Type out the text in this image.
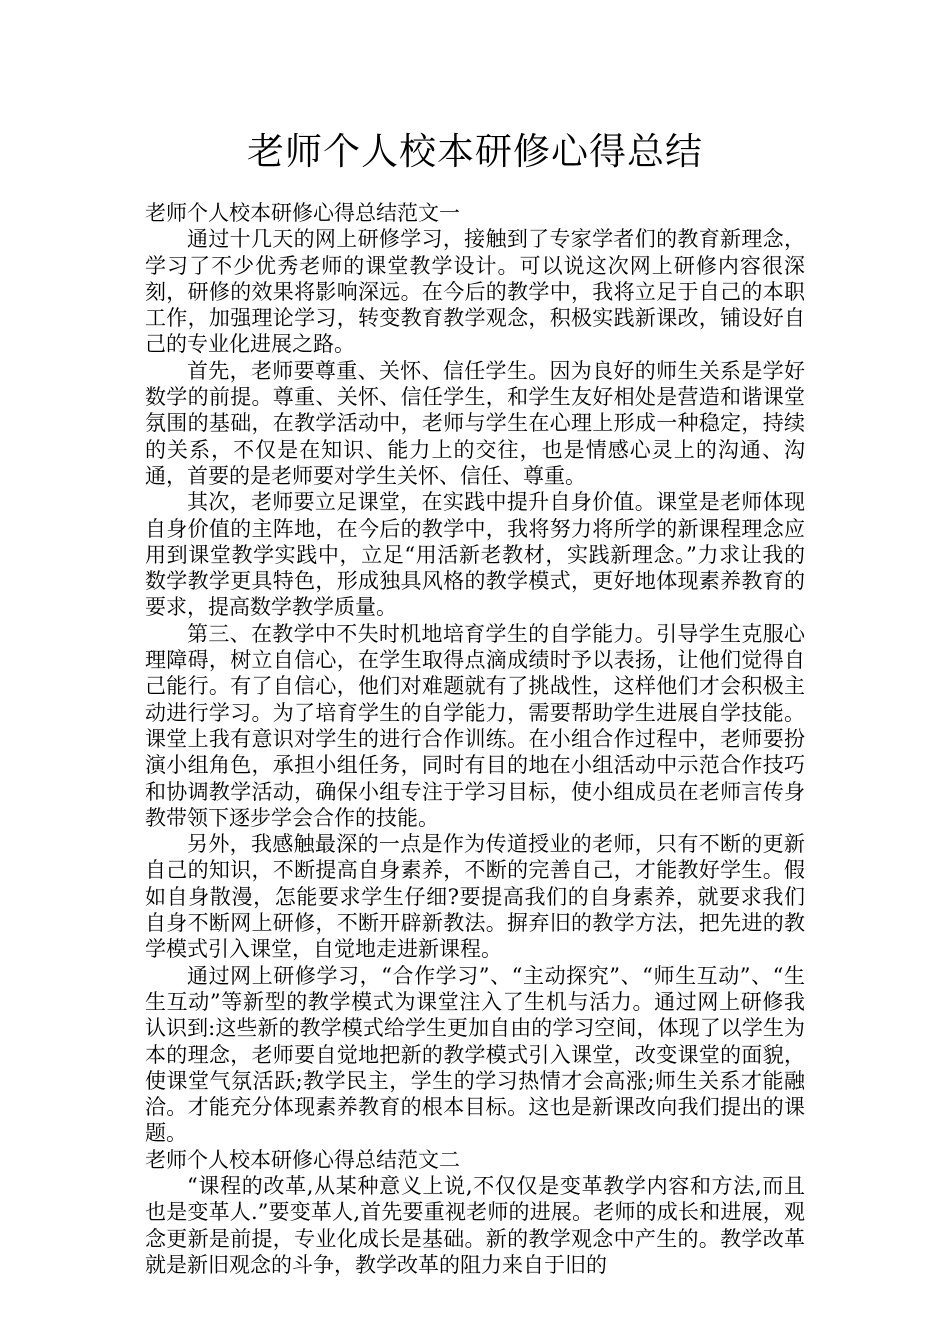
老师个人校本研修心得总结

老师个人校本研修心得总结范文一

通过十几天的网上研修学习，接触到了专家学者们的教育新理念，学习了不少优秀老师的课堂教学设计。可以说这次网上研修内容很深刻，研修的效果将影响深远。在今后的教学中，我将立足于自己的本职工作，加强理论学习，转变教育教学观念，积极实践新课改，铺设好自己的专业化进展之路。

首先，老师要尊重、关怀、信任学生。因为良好的师生关系是学好数学的前提。尊重、关怀、信任学生，和学生友好相处是营造和谐课堂氛围的基础，在教学活动中，老师与学生在心理上形成一种稳定，持续的关系，不仅是在知识、能力上的交往，也是情感心灵上的沟通、沟通，首要的是老师要对学生关怀、信任、尊重。

其次，老师要立足课堂，在实践中提升自身价值。课堂是老师体现自身价值的主阵地，在今后的教学中，我将努力将所学的新课程理念应用到课堂教学实践中，立足“用活新老教材，实践新理念。”力求让我的数学教学更具特色，形成独具风格的教学模式，更好地体现素养教育的要求，提高数学教学质量。

第三、在教学中不失时机地培育学生的自学能力。引导学生克服心理障碍，树立自信心，在学生取得点滴成绩时予以表扬，让他们觉得自己能行。有了自信心，他们对难题就有了挑战性，这样他们才会积极主动进行学习。为了培育学生的自学能力，需要帮助学生进展自学技能。课堂上我有意识对学生的进行合作训练。在小组合作过程中，老师要扮演小组角色，承担小组任务，同时有目的地在小组活动中示范合作技巧和协调教学活动，确保小组专注于学习目标，使小组成员在老师言传身教带领下逐步学会合作的技能。

另外，我感触最深的一点是作为传道授业的老师，只有不断的更新自己的知识，不断提高自身素养，不断的完善自己，才能教好学生。假如自身散漫，怎能要求学生仔细?要提高我们的自身素养，就要求我们自身不断网上研修，不断开辟新教法。摒弃旧的教学方法，把先进的教学模式引入课堂，自觉地走进新课程。

通过网上研修学习，“合作学习”、“主动探究”、“师生互动”、“生生互动”等新型的教学模式为课堂注入了生机与活力。通过网上研修我认识到:这些新的教学模式给学生更加自由的学习空间，体现了以学生为本的理念，老师要自觉地把新的教学模式引入课堂，改变课堂的面貌，使课堂气氛活跃;教学民主，学生的学习热情才会高涨;师生关系才能融洽。才能充分体现素养教育的根本目标。这也是新课改向我们提出的课题。

老师个人校本研修心得总结范文二

“课程的改革,从某种意义上说,不仅仅是变革教学内容和方法,而且也是变革人.”要变革人,首先要重视老师的进展。老师的成长和进展，观念更新是前提，专业化成长是基础。新的教学观念中产生的。教学改革就是新旧观念的斗争，教学改革的阻力来自于旧的
